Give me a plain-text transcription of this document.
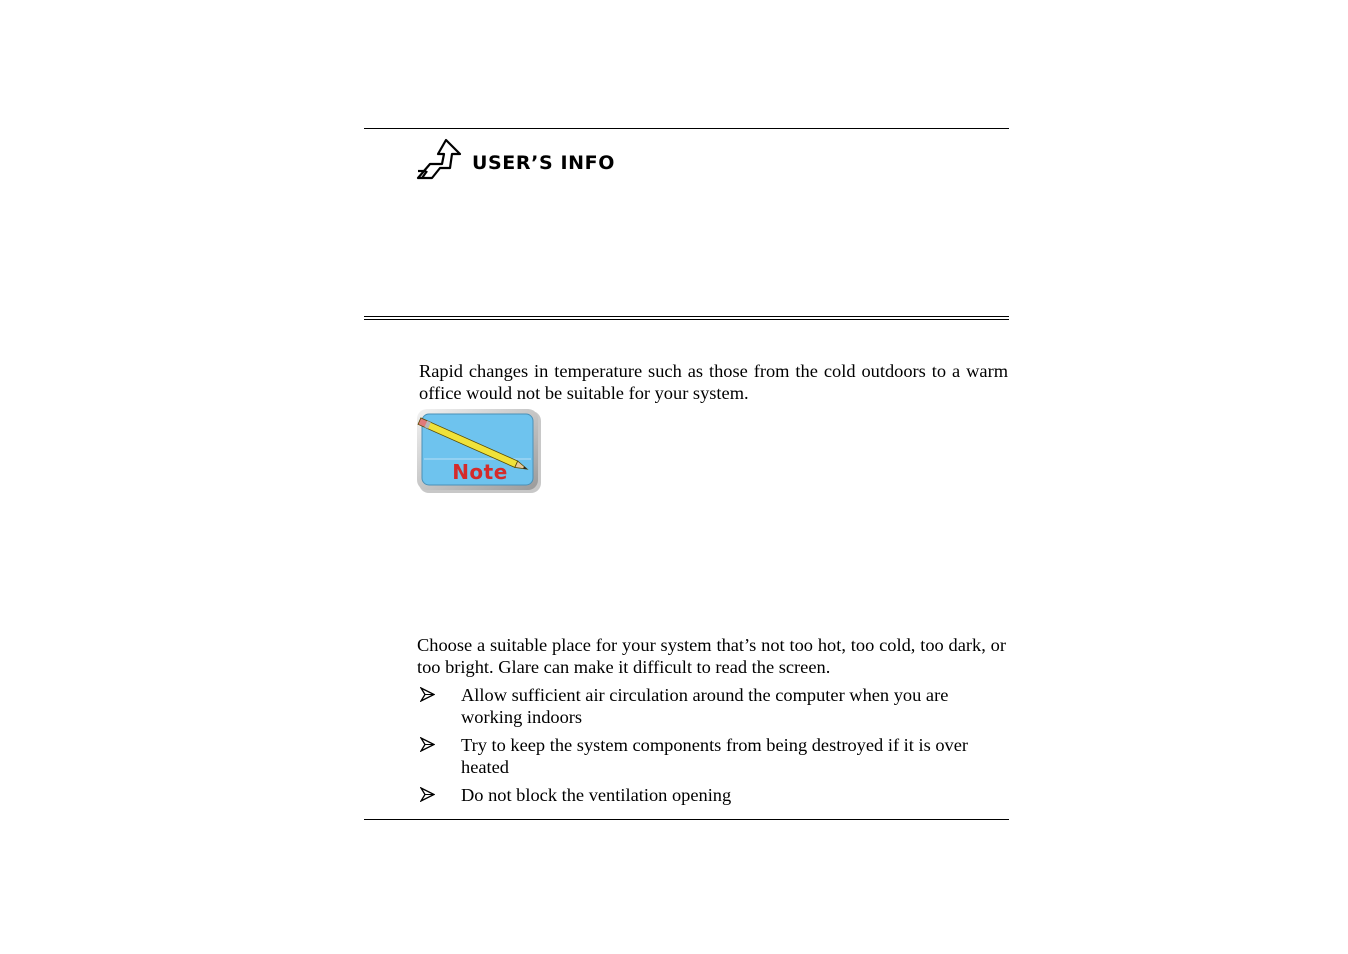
USER’S INFO

Rapid changes in temperature such as those from the cold outdoors to a warm office would not be suitable for your system.

Note

Choose a suitable place for your system that’s not too hot, too cold, too dark, or too bright. Glare can make it difficult to read the screen.

Allow sufficient air circulation around the computer when you are working indoors
Try to keep the system components from being destroyed if it is over heated
Do not block the ventilation opening
